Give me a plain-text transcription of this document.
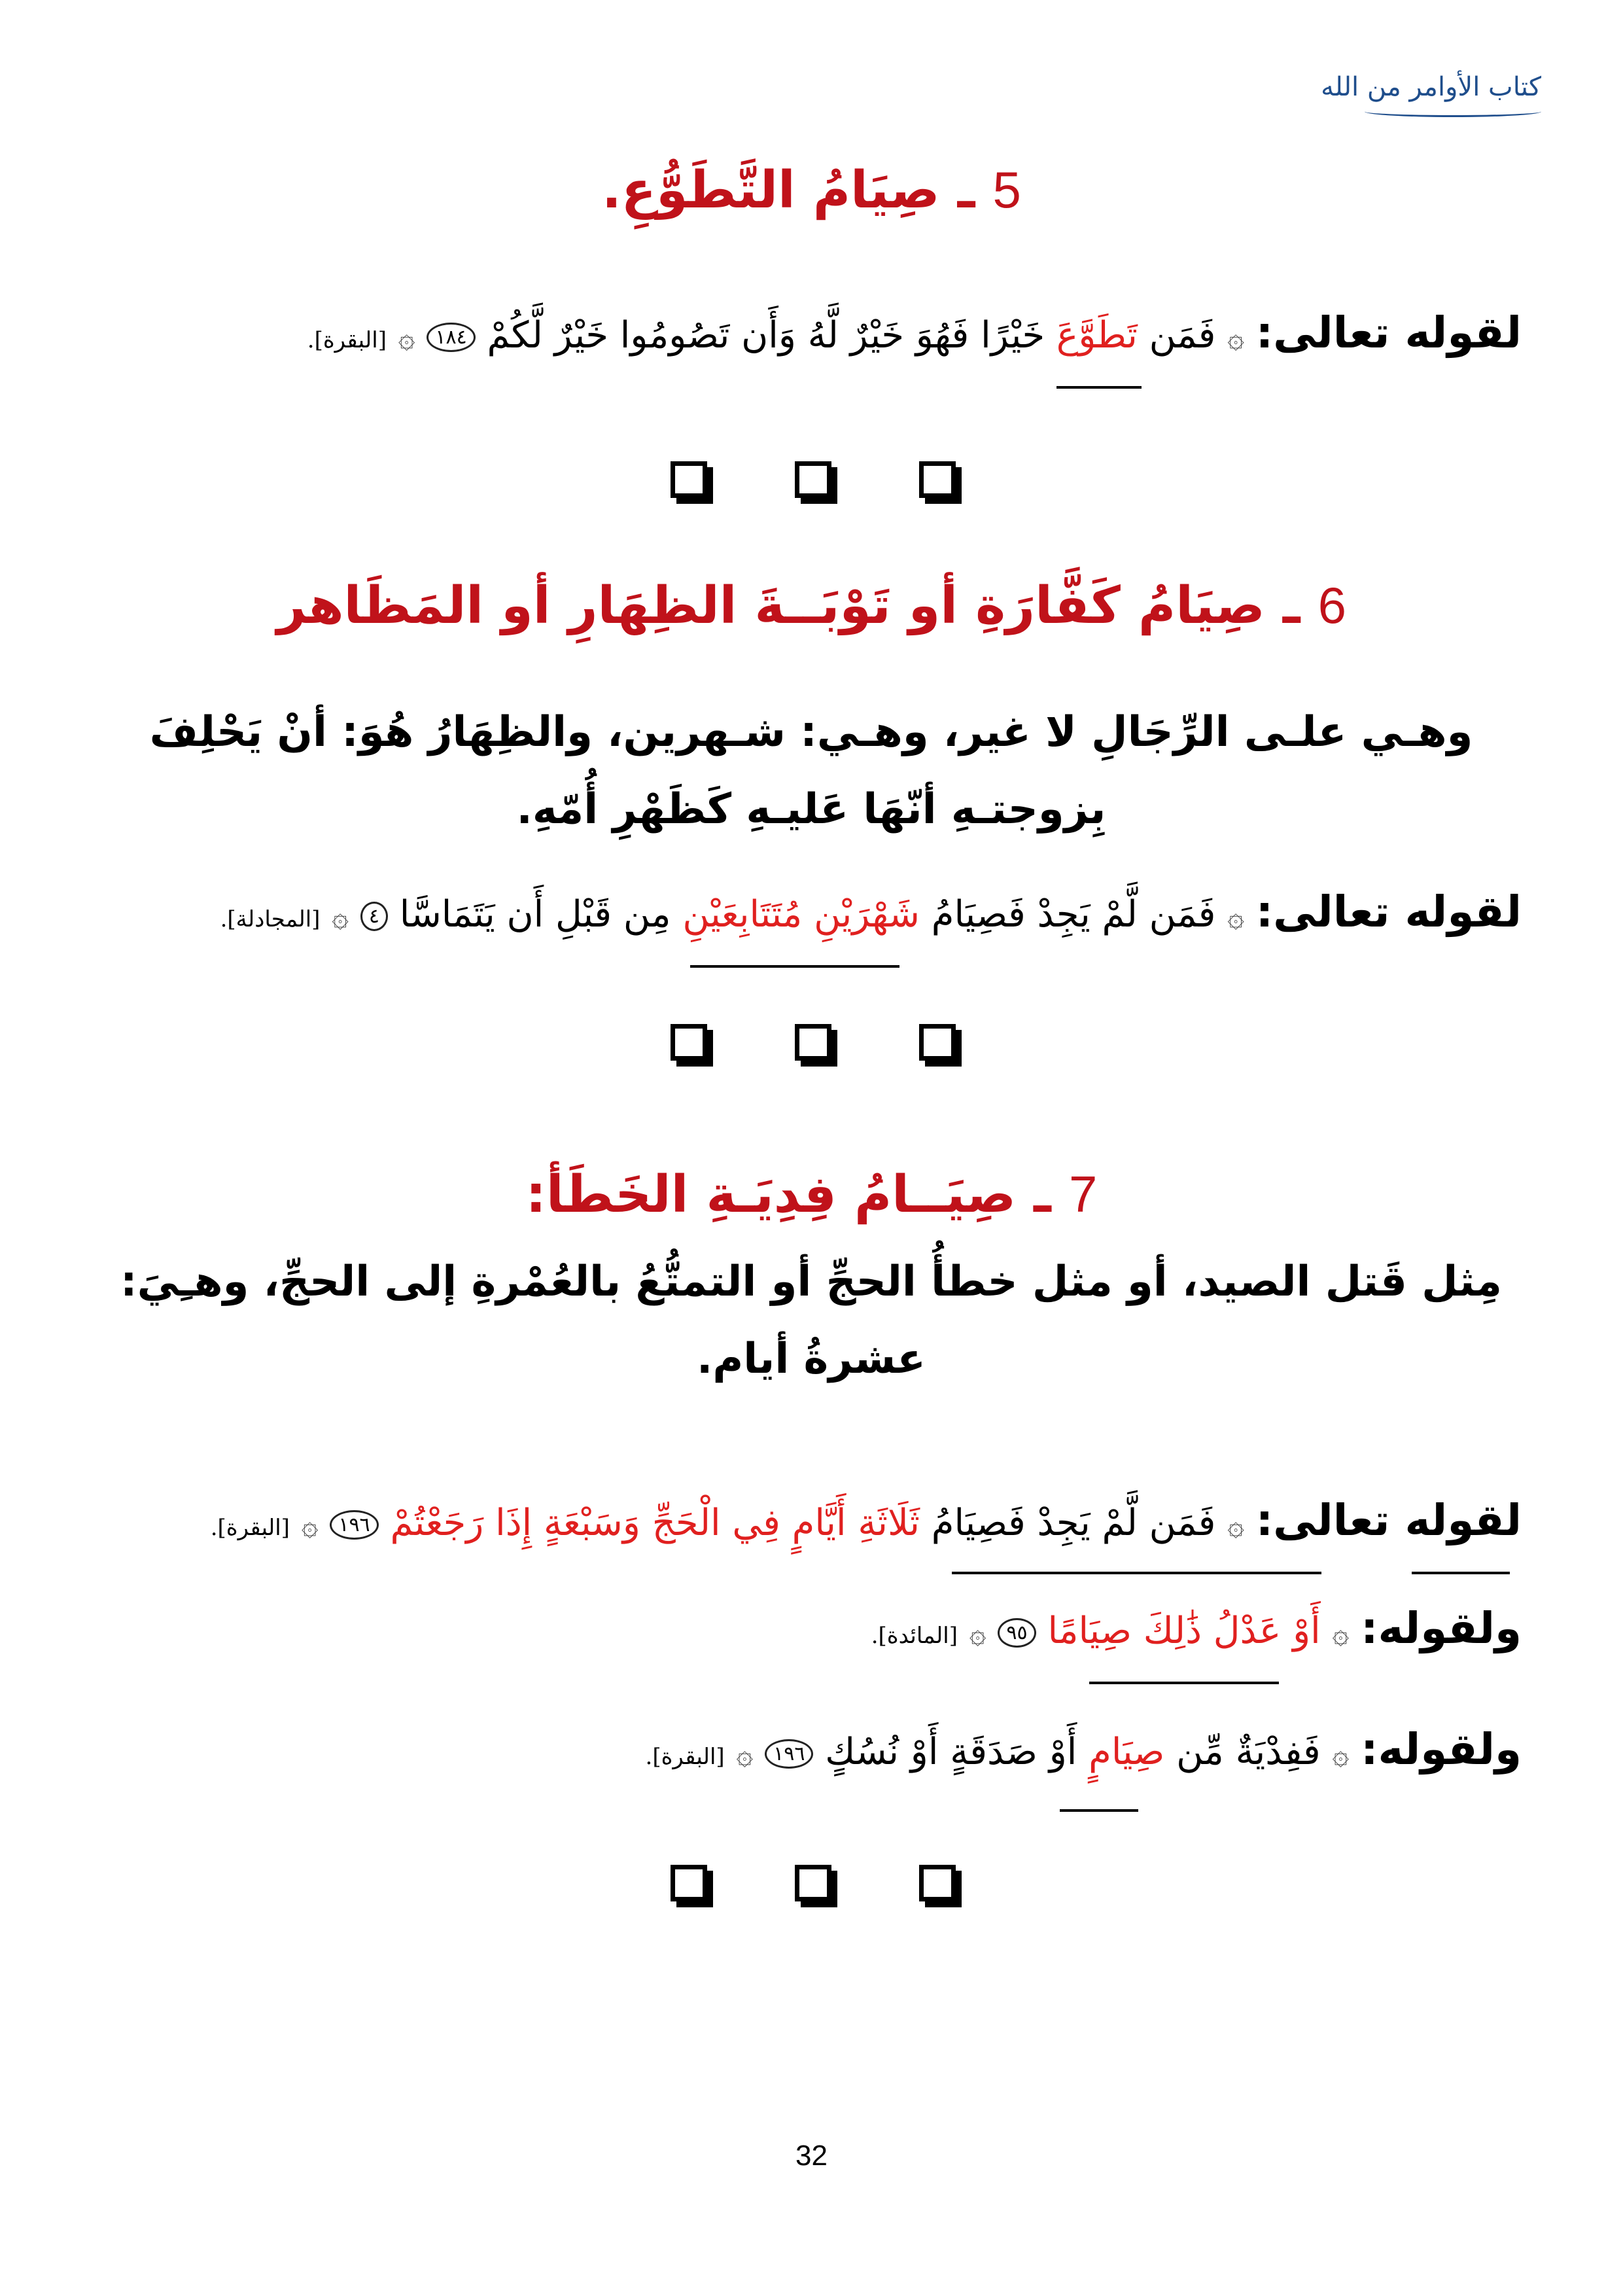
كتاب الأوامر من الله
5 ـ صِيَامُ التَّطَوُّعِ.
لقوله تعالى: ۞ فَمَن تَطَوَّعَ خَيْرًا فَهُوَ خَيْرٌ لَّهُ وَأَن تَصُومُوا خَيْرٌ لَّكُمْ ١٨٤ ۞ [البقرة].
6 ـ صِيَامُ كَفَّارَةِ أو تَوْبَــةَ الظِهَارِ أو المَظَاهر
وهـي علـى الرِّجَالِ لا غير، وهـي: شـهرين، والظِهَارُ هُوَ: أنْ يَحْلِفَ بِزوجتـهِ أنّهَا عَليـهِ كَظَهْرِ أُمّهِ.
لقوله تعالى: ۞ فَمَن لَّمْ يَجِدْ فَصِيَامُ شَهْرَيْنِ مُتَتَابِعَيْنِ مِن قَبْلِ أَن يَتَمَاسَّا ٤ ۞ [المجادلة].
7 ـ صِيَــامُ فِدِيَـةِ الخَطَأ:
مِثل قَتل الصيد، أو مثل خطأُ الحجِّ أو التمتُّعُ بالعُمْرةِ إلى الحجِّ، وهـِيَ: عشرةُ أيام.
لقوله تعالى: ۞ فَمَن لَّمْ يَجِدْ فَصِيَامُ ثَلَاثَةِ أَيَّامٍ فِي الْحَجِّ وَسَبْعَةٍ إِذَا رَجَعْتُمْ ١٩٦ ۞ [البقرة].
ولقوله: ۞ أَوْ عَدْلُ ذَٰلِكَ صِيَامًا ٩٥ ۞ [المائدة].
ولقوله: ۞ فَفِدْيَةٌ مِّن صِيَامٍ أَوْ صَدَقَةٍ أَوْ نُسُكٍ ١٩٦ ۞ [البقرة].
32
